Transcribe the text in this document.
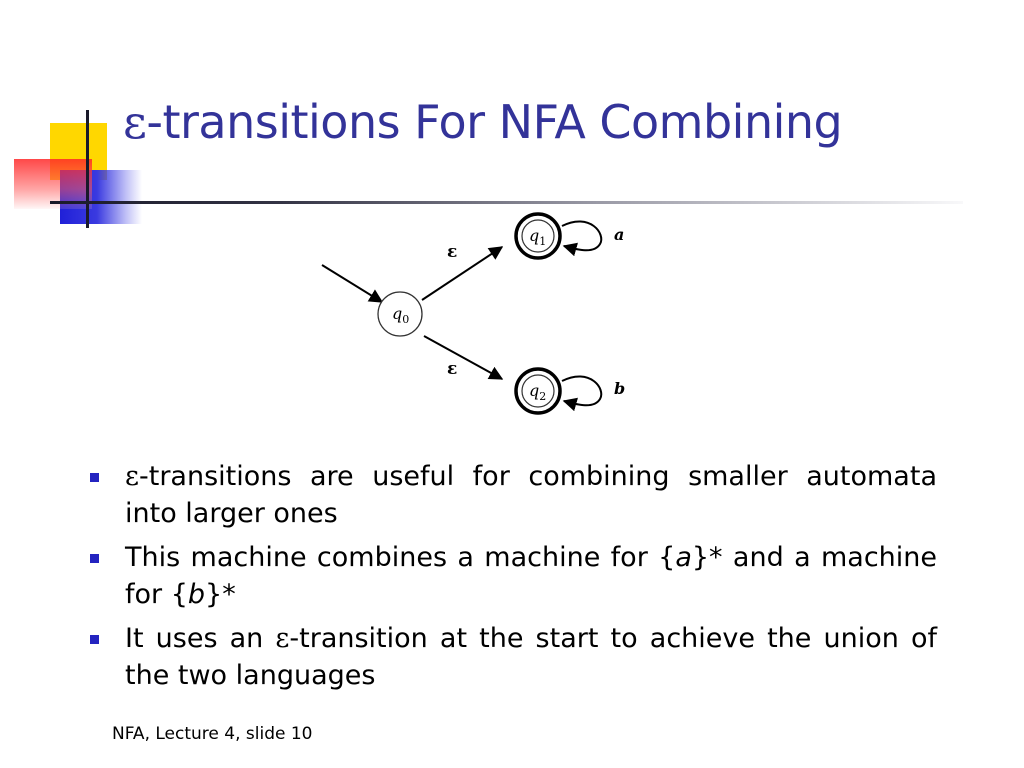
ε-transitions For NFA Combining
$q_0$
ε
ε
$q_1$	a
$q_2$	b
ε-transitions are useful for combining smaller automata into larger ones
This machine combines a machine for {a}* and a machine for {b}*
It uses an ε-transition at the start to achieve the union of the two languages
NFA, Lecture 4, slide 10
